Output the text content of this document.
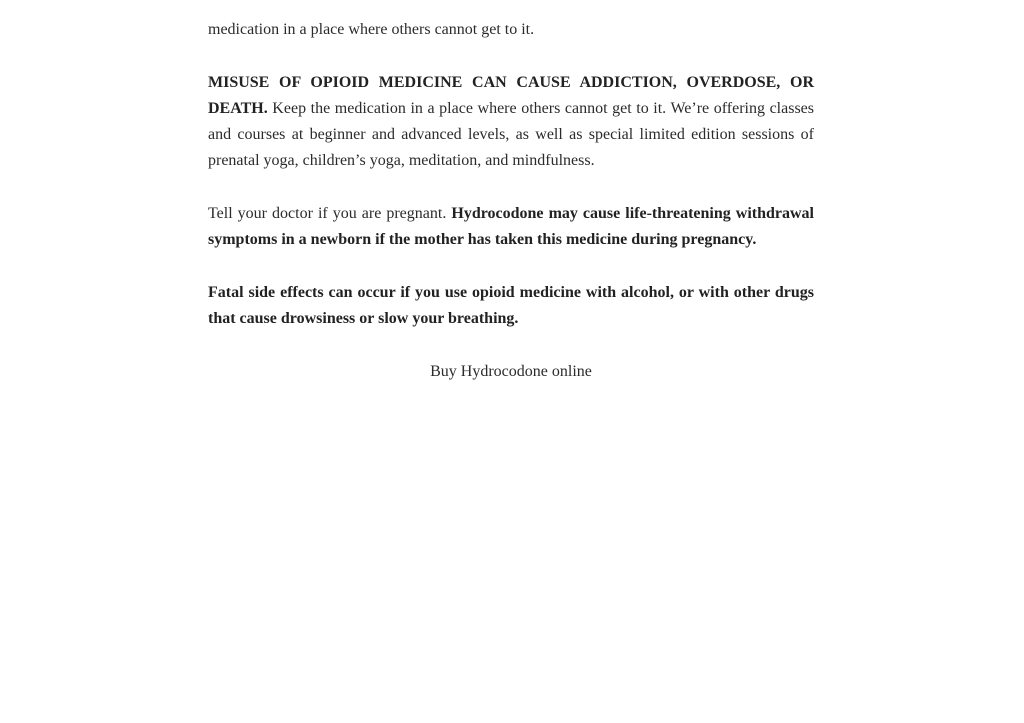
medication in a place where others cannot get to it.

MISUSE OF OPIOID MEDICINE CAN CAUSE ADDICTION, OVERDOSE, OR DEATH. Keep the medication in a place where others cannot get to it. We’re offering classes and courses at beginner and advanced levels, as well as special limited edition sessions of prenatal yoga, children’s yoga, meditation, and mindfulness.

Tell your doctor if you are pregnant. Hydrocodone may cause life-threatening withdrawal symptoms in a newborn if the mother has taken this medicine during pregnancy.

Fatal side effects can occur if you use opioid medicine with alcohol, or with other drugs that cause drowsiness or slow your breathing.

Buy Hydrocodone online
